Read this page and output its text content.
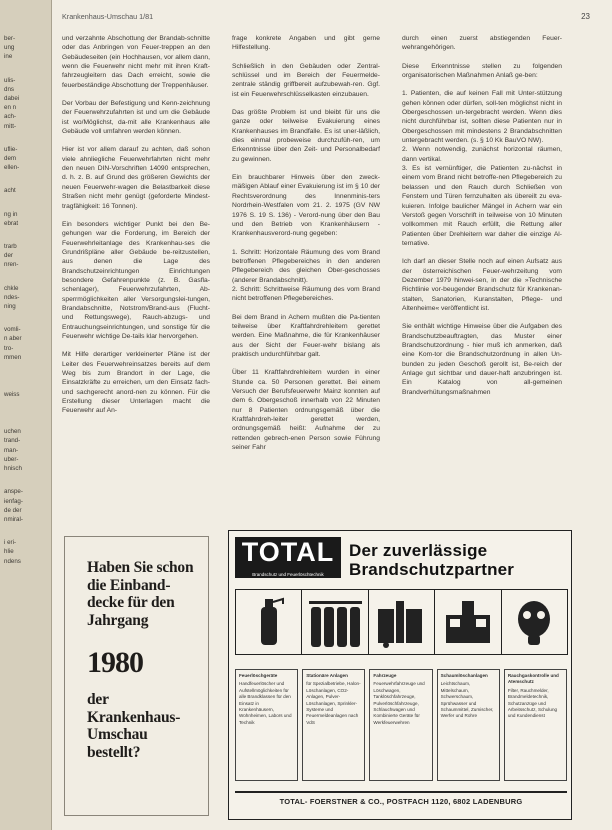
ber-
ung
ine
ulis-
dns
dabei
en n
ach-
mitt-
uflie-
dem
ellen-
acht
ng in
ebrat
trarb
der
nren-
chkle
ndes-
ning
vomli-
n aber
tro-
mmen
weiss
uchen
trand-
man-
uber-
hnisch
anspe-
ienfag-
de der
nmiral-
i eri-
hlie
ndens
Krankenhaus-Umschau 1/81	23

und verzahnte Abschottung der Brandab-schnitte oder das Anbringen von Feuer-treppen an den Gebäudeseiten (ein Hochhausen, vor allem dann, wenn die Feuerwehr nicht mehr mit ihren Kraft-fahrzeugleitern das Dach erreicht, sowie die feuerbeständige Abschottung der Treppenhäuser.

Der Vorbau der Befestigung und Kenn-zeichnung der Feuerwehrzufahrten ist und um die Gebäude ist wo/Möglichst, da-mit alle Krankenhaus alle Gebäude voll umfahren werden können.

Hier ist vor allem darauf zu achten, daß sohon viele ahnliegliche Feuerwehrfahrten nicht mehr den neuen DIN-Vorschriften 14090 entsprechen, d. h. z. B. auf Grund des größeren Gewichts der neuen Feuerwehr-wagen die Belastbarkeit diese Straßen nicht mehr genügt (geforderte Mindest-tragfähigkeit: 16 Tonnen).

Ein besonders wichtiger Punkt bei den Be-gehungen war die Forderung, im Bereich der Feuerwehrleitanlage des Krankenhau-ses die Grundrißpläne aller Gebäude be-reitzustellen, aus denen die Lage des Brandschutzeinrichtungen Einrichtungen besondere Gefahrenpunkte (z. B. Gasfla-schenlager), Feuerwehrzufahrten, Ab-sperrmöglichkeiten aller Versorgungslei-tungen, Brandabschnitte, Notstrom/Brand-aus (Flucht- und Rettungswege), Rauch-abzugs- und Entrauchungseinrichtungen, und sonstige für die Feuerwehr wichtige De-tails klar hervorgehen.

Mit Hilfe derartiger verkleinerter Pläne ist der Leiter des Feuerwehreinsatzes bereits auf dem Weg bis zum Brandort in der Lage, die Einsatzkräfte zu erreichen, um den Einsatz fach- und sachgerecht anord-nen zu können. Für die Erstellung dieser Unterlagen macht die Feuerwehr auf An-

frage konkrete Angaben und gibt gerne Hilfestellung.

Schließlich in den Gebäuden oder Zentral-schlüssel und im Bereich der Feuermelde-zentrale ständig griffbereit aufzubewah-ren. Ggf. ist ein Feuerwehrschlüsselkasten einzubauen.

Das größte Problem ist und bleibt für uns die ganze oder teilweise Evakuierung eines Krankenhauses im Brandfalle. Es ist uner-läßlich, dies einmal probeweise durchzufüh-ren, um Erkenntnisse über den Zeit- und Personalbedarf zu gewinnen.

Ein brauchbarer Hinweis über den zweck-mäßigen Ablauf einer Evakuierung ist im § 10 der Rechtsverordnung des Innenminis-ters Nordrhein-Westfalen vom 21. 2. 1975 (GV NW 1976 S. 19 S. 136) - Verord-nung über den Bau und den Betrieb von Krankenhäusern - Krankenhausverord-nung gegeben:

1. Schritt: Horizontale Räumung des vom Brand betroffenen Pflegebereiches in den anderen Pflegebereich des gleichen Ober-geschosses (anderer Brandabschnitt).

2. Schritt: Schrittweise Räumung des vom Brand nicht betroffenen Pflegebereiches.

Bei dem Brand in Achern mußten die Pa-tienten teilweise über Kraftfahrdrehleitern gerettet werden. Eine Maßnahme, die für Krankenhäuser aus der Sicht der Feuer-wehr bislang als praktisch undurchführbar galt.

Über 11 Kraftfahrdrehleitern wurden in einer Stunde ca. 50 Personen gerettet. Bei einem Versuch der Berufsfeuerwehr Mainz konnten auf dem 6. Obergeschoß innerhalb von 22 Minuten nur 8 Patienten ordnungsgemäß über die Kraftfahrdreh-leiter gerettet werden, ordnungsgemäß heißt: Aufnahme der zu rettenden gebrech-enen Person sowie Führung seiner Fahr

durch einen zuerst abstiegenden Feuer-wehrangehörigen.

Diese Erkenntnisse stellen zu folgenden organisatorischen Maßnahmen Anlaß ge-ben:

1. Patienten, die auf keinen Fall mit Unter-stützung gehen können oder dürfen, soll-ten möglichst nicht in Obergeschossen un-tergebracht werden. Wenn dies nicht durchführbar ist, sollten diese Patienten nur in Obergeschossen mit mindestens 2 Brandabschnitten untergebracht werden. (s. § 10 Kk BauVO NW).

2. Wenn notwendig, zunächst horizontal räumen, dann vertikal.

3. Es ist vernünftiger, die Patienten zu-nächst in einem vom Brand nicht betroffe-nen Pflegebereich zu belassen und den Rauch durch Schließen von Fenstern und Türen fernzuhalten als übereilt zu eva-kuieren. Infolge baulicher Mängel in Achern war ein Verstoß gegen Vorschrift in teilweise von 10 Minuten vollkommen mit Rauch erfüllt, die Rettung aller Patienten über Drehleitern war daher die einzige Al-ternative.

Ich darf an dieser Stelle noch auf einen Aufsatz aus der österreichischen Feuer-wehrzeitung vom Dezember 1979 hinwei-sen, in der die »Technische Richtlinie vor-beugender Brandschutz für Krankenan-stalten, Sanatorien, Kuranstalten, Pflege- und Altenheime« veröffentlicht ist.

Sie enthält wichtige Hinweise über die Aufgaben des Brandschutzbeauftragten, das Muster einer Brandschutzordnung - hier muß ich anmerken, daß eine Kom-tor die Brandschutzordnung in allen Un-bunden zu jeden Geschoß gerollt ist, Be-reich der Anlage gut sichtbar und dauer-haft anzubringen ist. Ein Katalog von all-gemeinen Brandverhütungsmaßnahmen

Haben Sie schon die Einband-decke für den Jahrgang
1980
der Krankenhaus-Umschau bestellt?
TOTAL
Brandschutz und Feuerlöschtechnik
Der zuverlässige Brandschutzpartner
Feuerlöschgeräte
Handfeuerlöscher und Aufstellmöglichkeiten für alle Brandklassen für den Einsatz in Krankenhäusern, Wohnheimen, Labors und Technik
Stationäre Anlagen
für Spezialbetriebe, Halon-Löschanlagen, CO2-Anlagen, Pulver-Löschanlagen, Sprinkler-Systeme und Feuermeldeanlagen nach VdS
Fahrzeuge
Feuerwehrfahrzeuge und Löschwagen, Tanklöschfahrzeuge, Pulverlöschfahrzeuge, Schlauchwagen und Kombinierte Geräte für Werkfeuerwehren
Schaumlöschanlagen
Leichtschaum, Mittelschaum, Schwerschaum, Sprühwasser und Schaummittel, Zumischer, Werfer und Rohre
Rauchgaskontrolle und Atemschutz
Filter, Rauchmelder, Brandmeldetechnik, Schutzanzüge und Arbeitsschutz, Schulung und Kundendienst
TOTAL- FOERSTNER & CO., POSTFACH 1120, 6802 LADENBURG
